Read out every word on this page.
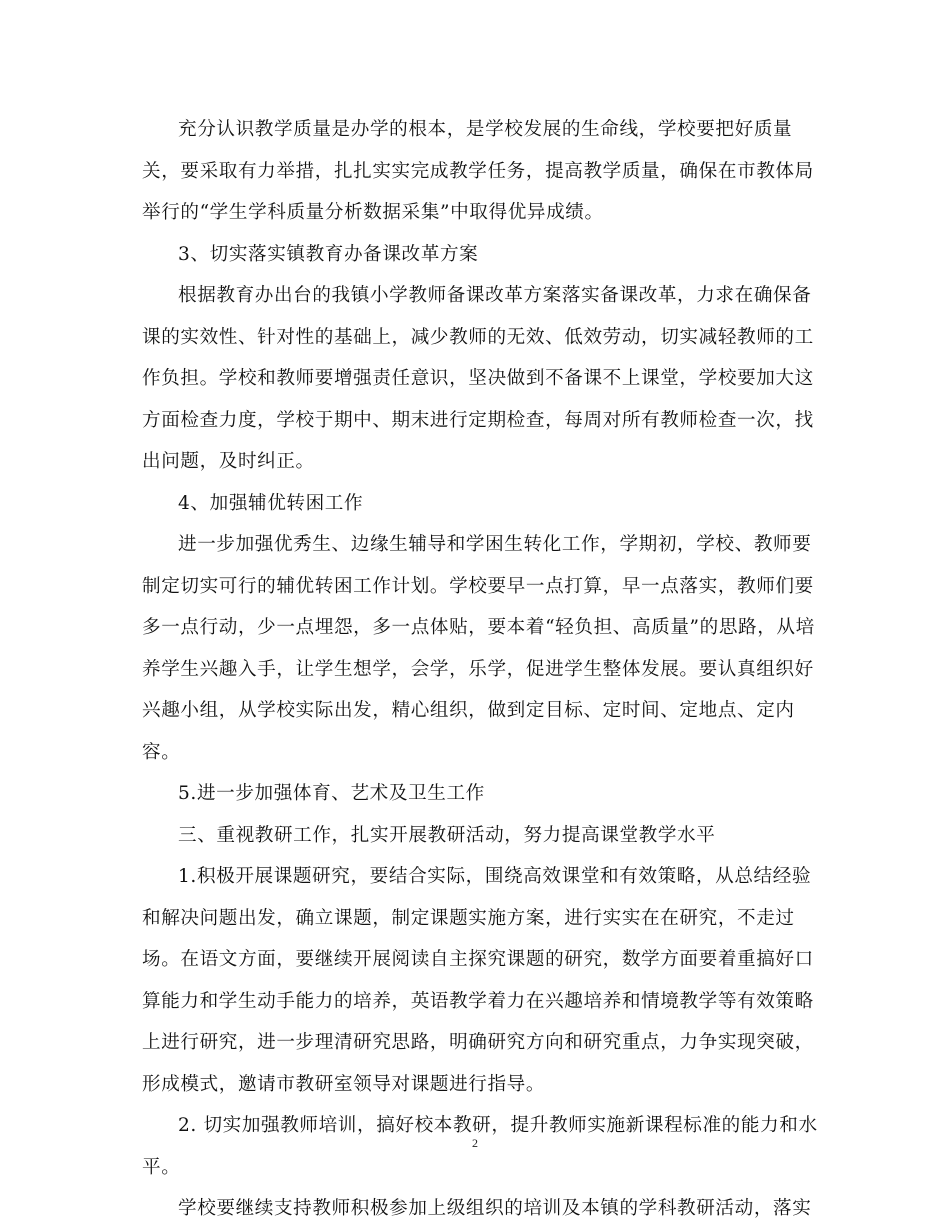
充分认识教学质量是办学的根本，是学校发展的生命线，学校要把好质量

关，要采取有力举措，扎扎实实完成教学任务，提高教学质量，确保在市教体局

举行的“学生学科质量分析数据采集”中取得优异成绩。

3、切实落实镇教育办备课改革方案

根据教育办出台的我镇小学教师备课改革方案落实备课改革，力求在确保备

课的实效性、针对性的基础上，减少教师的无效、低效劳动，切实减轻教师的工

作负担。学校和教师要增强责任意识，坚决做到不备课不上课堂，学校要加大这

方面检查力度，学校于期中、期末进行定期检查，每周对所有教师检查一次，找

出问题，及时纠正。

4、加强辅优转困工作

进一步加强优秀生、边缘生辅导和学困生转化工作，学期初，学校、教师要

制定切实可行的辅优转困工作计划。学校要早一点打算，早一点落实，教师们要

多一点行动，少一点埋怨，多一点体贴，要本着“轻负担、高质量”的思路，从培

养学生兴趣入手，让学生想学，会学，乐学，促进学生整体发展。要认真组织好

兴趣小组，从学校实际出发，精心组织，做到定目标、定时间、定地点、定内

容。

5.进一步加强体育、艺术及卫生工作

三、重视教研工作，扎实开展教研活动，努力提高课堂教学水平

1.积极开展课题研究，要结合实际，围绕高效课堂和有效策略，从总结经验

和解决问题出发，确立课题，制定课题实施方案，进行实实在在研究，不走过

场。在语文方面，要继续开展阅读自主探究课题的研究，数学方面要着重搞好口

算能力和学生动手能力的培养，英语教学着力在兴趣培养和情境教学等有效策略

上进行研究，进一步理清研究思路，明确研究方向和研究重点，力争实现突破，

形成模式，邀请市教研室领导对课题进行指导。

2. 切实加强教师培训，搞好校本教研，提升教师实施新课程标准的能力和水

平。

学校要继续支持教师积极参加上级组织的培训及本镇的学科教研活动，落实

2
